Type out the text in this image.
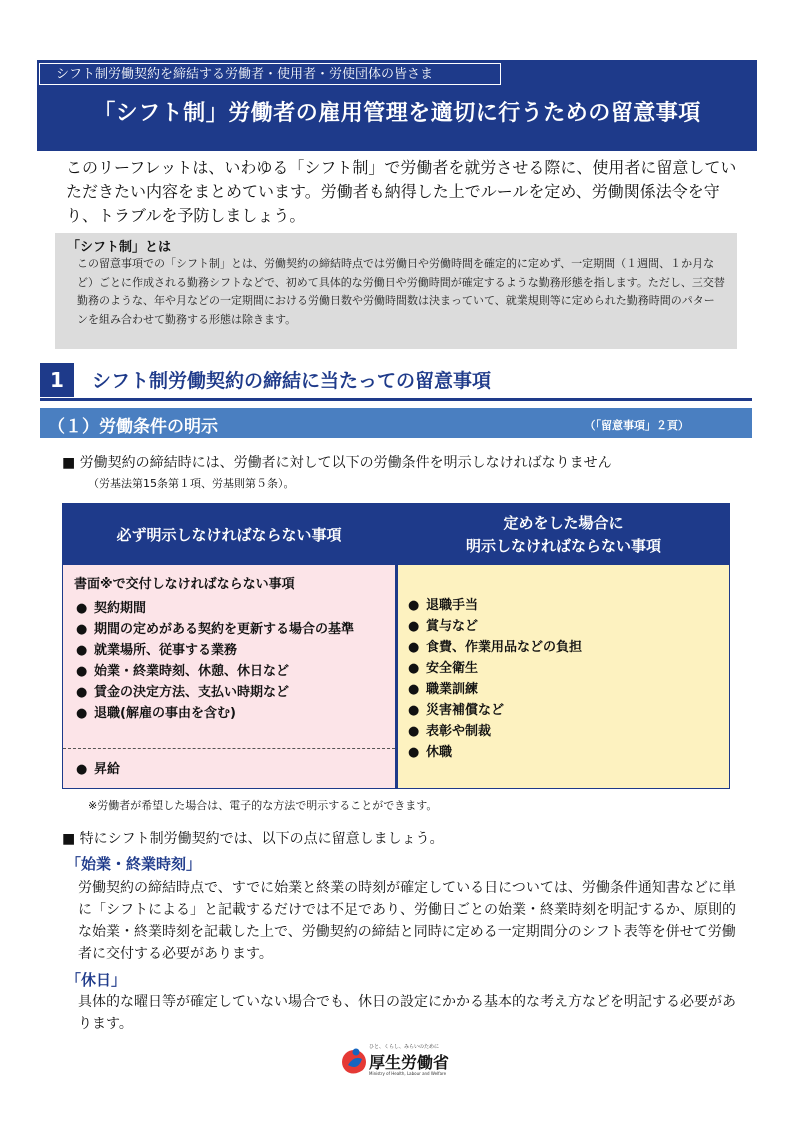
シフト制労働契約を締結する労働者・使用者・労使団体の皆さま
「シフト制」労働者の雇用管理を適切に行うための留意事項
このリーフレットは、いわゆる「シフト制」で労働者を就労させる際に、使用者に留意していただきたい内容をまとめています。労働者も納得した上でルールを定め、労働関係法令を守り、トラブルを予防しましょう。
「シフト制」とは
この留意事項での「シフト制」とは、労働契約の締結時点では労働日や労働時間を確定的に定めず、一定期間（１週間、１か月など）ごとに作成される勤務シフトなどで、初めて具体的な労働日や労働時間が確定するような勤務形態を指します。ただし、三交替勤務のような、年や月などの一定期間における労働日数や労働時間数は決まっていて、就業規則等に定められた勤務時間のパターンを組み合わせて勤務する形態は除きます。
1	シフト制労働契約の締結に当たっての留意事項
（１）労働条件の明示	（「留意事項」２頁）
■ 労働契約の締結時には、労働者に対して以下の労働条件を明示しなければなりません
（労基法第15条第１項、労基則第５条）。
必ず明示しなければならない事項
定めをした場合に
明示しなければならない事項
書面※で交付しなければならない事項
● 契約期間
● 期間の定めがある契約を更新する場合の基準
● 就業場所、従事する業務
● 始業・終業時刻、休憩、休日など
● 賃金の決定方法、支払い時期など
● 退職(解雇の事由を含む)
● 昇給
● 退職手当
● 賞与など
● 食費、作業用品などの負担
● 安全衛生
● 職業訓練
● 災害補償など
● 表彰や制裁
● 休職
※労働者が希望した場合は、電子的な方法で明示することができます。
■ 特にシフト制労働契約では、以下の点に留意しましょう。
「始業・終業時刻」
労働契約の締結時点で、すでに始業と終業の時刻が確定している日については、労働条件通知書などに単に「シフトによる」と記載するだけでは不足であり、労働日ごとの始業・終業時刻を明記するか、原則的な始業・終業時刻を記載した上で、労働契約の締結と同時に定める一定期間分のシフト表等を併せて労働者に交付する必要があります。
「休日」
具体的な曜日等が確定していない場合でも、休日の設定にかかる基本的な考え方などを明記する必要があります。
ひと、くらし、みらいのために
厚生労働省
Ministry of Health, Labour and Welfare
